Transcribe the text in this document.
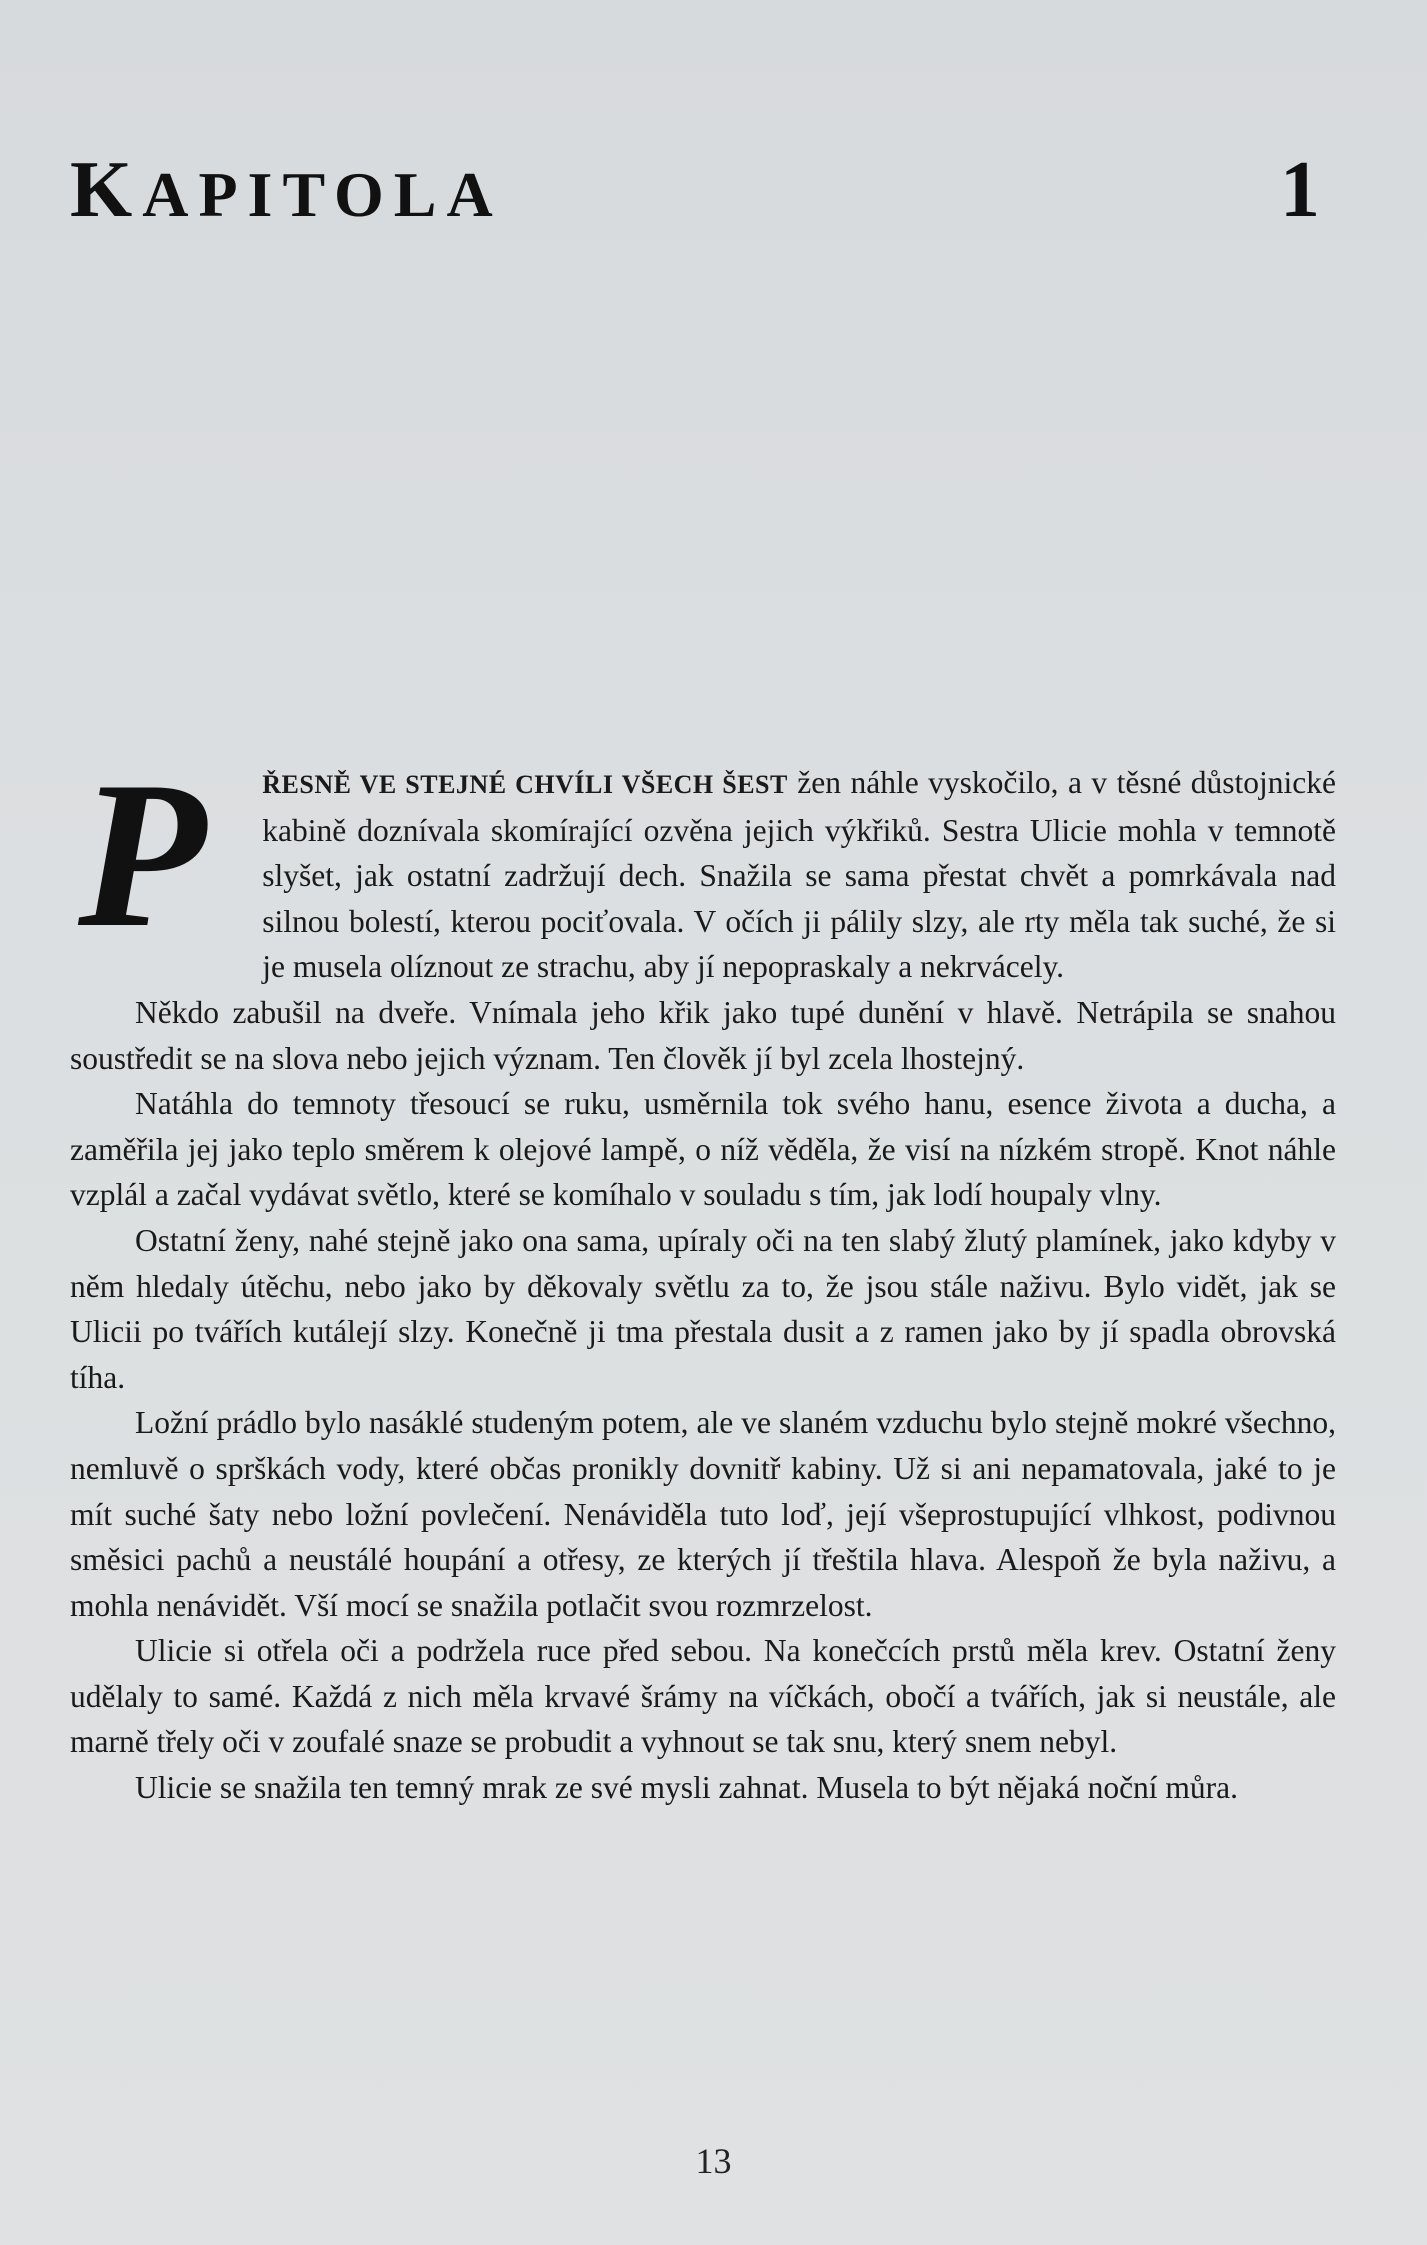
KAPITOLA	1

P	ŘESNĚ VE STEJNÉ CHVÍLI VŠECH ŠEST žen náhle vyskočilo, a v těsné důstojnické kabině doznívala skomírající ozvěna jejich výkřiků. Sestra Ulicie mohla v temnotě slyšet, jak ostatní zadržují dech. Snažila se sama přestat chvět a pomrkávala nad silnou bolestí, kterou pociťovala. V očích ji pálily slzy, ale rty měla tak suché, že si je musela olíznout ze strachu, aby jí nepopraskaly a nekrvácely.

Někdo zabušil na dveře. Vnímala jeho křik jako tupé dunění v hlavě. Netrápila se snahou soustředit se na slova nebo jejich význam. Ten člověk jí byl zcela lhostejný.

Natáhla do temnoty třesoucí se ruku, usměrnila tok svého hanu, esence života a ducha, a zaměřila jej jako teplo směrem k olejové lampě, o níž věděla, že visí na nízkém stropě. Knot náhle vzplál a začal vydávat světlo, které se komíhalo v souladu s tím, jak lodí houpaly vlny.

Ostatní ženy, nahé stejně jako ona sama, upíraly oči na ten slabý žlutý plamínek, jako kdyby v něm hledaly útěchu, nebo jako by děkovaly světlu za to, že jsou stále naživu. Bylo vidět, jak se Ulicii po tvářích kutálejí slzy. Konečně ji tma přestala dusit a z ramen jako by jí spadla obrovská tíha.

Ložní prádlo bylo nasáklé studeným potem, ale ve slaném vzduchu bylo stejně mokré všechno, nemluvě o sprškách vody, které občas pronikly dovnitř kabiny. Už si ani nepamatovala, jaké to je mít suché šaty nebo ložní povlečení. Nenáviděla tuto loď, její všeprostupující vlhkost, podivnou směsici pachů a neustálé houpání a otřesy, ze kterých jí třeštila hlava. Alespoň že byla naživu, a mohla nenávidět. Vší mocí se snažila potlačit svou rozmrzelost.

Ulicie si otřela oči a podržela ruce před sebou. Na konečcích prstů měla krev. Ostatní ženy udělaly to samé. Každá z nich měla krvavé šrámy na víčkách, obočí a tvářích, jak si neustále, ale marně třely oči v zoufalé snaze se probudit a vyhnout se tak snu, který snem nebyl.

Ulicie se snažila ten temný mrak ze své mysli zahnat. Musela to být nějaká noční můra.

13
